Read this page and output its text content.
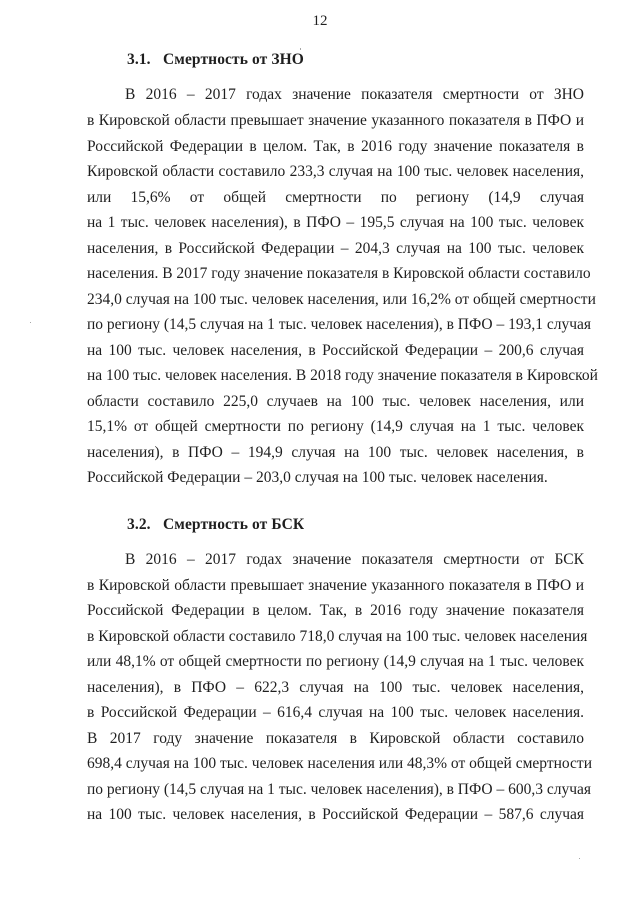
12
3.1. Смертность от ЗНО
В 2016 – 2017 годах значение показателя смертности от ЗНО
в Кировской области превышает значение указанного показателя в ПФО и
Российской Федерации в целом. Так, в 2016 году значение показателя в
Кировской области составило 233,3 случая на 100 тыс. человек населения,
или 15,6% от общей смертности по региону (14,9 случая
на 1 тыс. человек населения), в ПФО – 195,5 случая на 100 тыс. человек
населения, в Российской Федерации – 204,3 случая на 100 тыс. человек
населения. В 2017 году значение показателя в Кировской области составило
234,0 случая на 100 тыс. человек населения, или 16,2% от общей смертности
по региону (14,5 случая на 1 тыс. человек населения), в ПФО – 193,1 случая
на 100 тыс. человек населения, в Российской Федерации – 200,6 случая
на 100 тыс. человек населения. В 2018 году значение показателя в Кировской
области составило 225,0 случаев на 100 тыс. человек населения, или
15,1% от общей смертности по региону (14,9 случая на 1 тыс. человек
населения), в ПФО – 194,9 случая на 100 тыс. человек населения, в
Российской Федерации – 203,0 случая на 100 тыс. человек населения.
3.2. Смертность от БСК
В 2016 – 2017 годах значение показателя смертности от БСК
в Кировской области превышает значение указанного показателя в ПФО и
Российской Федерации в целом. Так, в 2016 году значение показателя
в Кировской области составило 718,0 случая на 100 тыс. человек населения
или 48,1% от общей смертности по региону (14,9 случая на 1 тыс. человек
населения), в ПФО – 622,3 случая на 100 тыс. человек населения,
в Российской Федерации – 616,4 случая на 100 тыс. человек населения.
В 2017 году значение показателя в Кировской области составило
698,4 случая на 100 тыс. человек населения или 48,3% от общей смертности
по региону (14,5 случая на 1 тыс. человек населения), в ПФО – 600,3 случая
на 100 тыс. человек населения, в Российской Федерации – 587,6 случая
